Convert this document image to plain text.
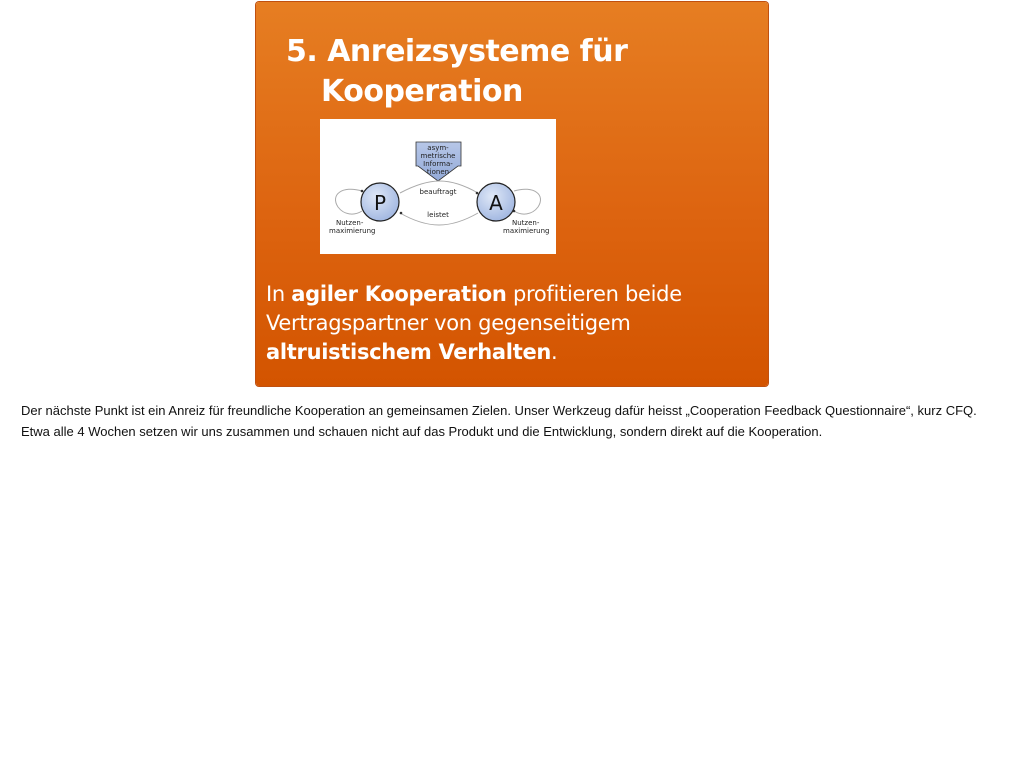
5. Anreizsysteme für
Kooperation
asym-
metrische
Informa-
tionen
beauftragt
leistet
P	A
Nutzen-
maximierung
Nutzen-
maximierung
In agiler Kooperation profitieren beide Vertragspartner von gegenseitigem altruistischem Verhalten.

Der nächste Punkt ist ein Anreiz für freundliche Kooperation an gemeinsamen Zielen. Unser Werkzeug dafür heisst „Cooperation Feedback Questionnaire“, kurz CFQ.

Etwa alle 4 Wochen setzen wir uns zusammen und schauen nicht auf das Produkt und die Entwicklung, sondern direkt auf die Kooperation.
